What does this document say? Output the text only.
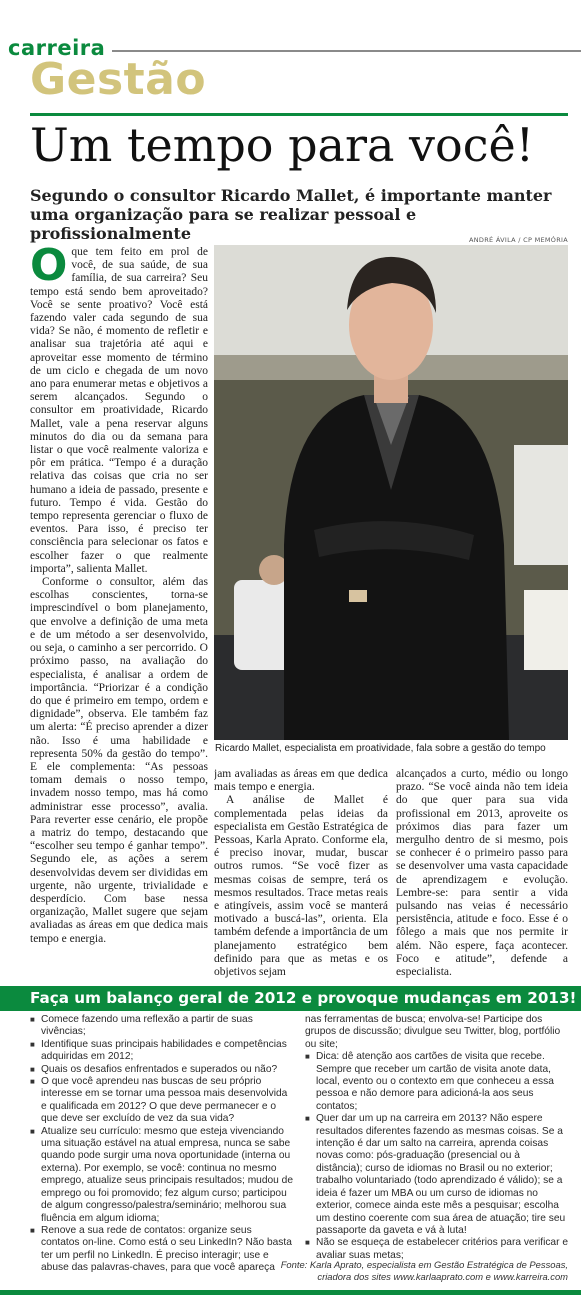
carreira
Gestão
Um tempo para você!
Segundo o consultor Ricardo Mallet, é importante manter uma organização para se realizar pessoal e profissionalmente	ANDRÉ ÁVILA / CP MEMÓRIA

O que tem feito em prol de você, de sua saúde, de sua família, de sua carreira? Seu tempo está sendo bem aproveitado? Você se sente proativo? Você está fazendo valer cada segundo de sua vida? Se não, é momento de refletir e analisar sua trajetória até aqui e aproveitar esse momento de término de um ciclo e chegada de um novo ano para enumerar metas e objetivos a serem alcançados. Segundo o consultor em proatividade, Ricardo Mallet, vale a pena reservar alguns minutos do dia ou da semana para listar o que você realmente valoriza e pôr em prática. “Tempo é a duração relativa das coisas que cria no ser humano a ideia de passado, presente e futuro. Tempo é vida. Gestão do tempo representa gerenciar o fluxo de eventos. Para isso, é preciso ter consciência para selecionar os fatos e escolher fazer o que realmente importa”, salienta Mallet.

Conforme o consultor, além das escolhas conscientes, torna-se imprescindível o bom planejamento, que envolve a definição de uma meta e de um método a ser desenvolvido, ou seja, o caminho a ser percorrido. O próximo passo, na avaliação do especialista, é analisar a ordem de importância. “Priorizar é a condição do que é primeiro em tempo, ordem e dignidade”, observa. Ele também faz um alerta: “É preciso aprender a dizer não. Isso é uma habilidade e representa 50% da gestão do tempo”. E ele complementa: “As pessoas tomam demais o nosso tempo, invadem nosso tempo, mas há como administrar esse processo”, avalia. Para reverter esse cenário, ele propõe a matriz do tempo, destacando que “escolher seu tempo é ganhar tempo”. Segundo ele, as ações a serem desenvolvidas devem ser divididas em urgente, não urgente, trivialidade e desperdício. Com base nessa organização, Mallet sugere que sejam avaliadas as áreas em que dedica mais tempo e energia.

Ricardo Mallet, especialista em proatividade, fala sobre a gestão do tempo

jam avaliadas as áreas em que dedica mais tempo e energia.

A análise de Mallet é complementada pelas ideias da especialista em Gestão Estratégica de Pessoas, Karla Aprato. Conforme ela, é preciso inovar, mudar, buscar outros rumos. “Se você fizer as mesmas coisas de sempre, terá os mesmos resultados. Trace metas reais e atingíveis, assim você se manterá motivado a buscá-las”, orienta. Ela também defende a importância de um planejamento estratégico bem definido para que as metas e os objetivos sejam

alcançados a curto, médio ou longo prazo. “Se você ainda não tem ideia do que quer para sua vida profissional em 2013, aproveite os próximos dias para fazer um mergulho dentro de si mesmo, pois se conhecer é o primeiro passo para se desenvolver uma vasta capacidade de aprendizagem e evolução. Lembre-se: para sentir a vida pulsando nas veias é necessário persistência, atitude e foco. Esse é o fôlego a mais que nos permite ir além. Não espere, faça acontecer. Foco e atitude”, defende a especialista.

Faça um balanço geral de 2012 e provoque mudanças em 2013!
■ Comece fazendo uma reflexão a partir de suas vivências;
■ Identifique suas principais habilidades e competências adquiridas em 2012;
■ Quais os desafios enfrentados e superados ou não?
■ O que você aprendeu nas buscas de seu próprio interesse em se tornar uma pessoa mais desenvolvida e qualificada em 2012? O que deve permanecer e o que deve ser excluído de vez da sua vida?
■ Atualize seu currículo: mesmo que esteja vivenciando uma situação estável na atual empresa, nunca se sabe quando pode surgir uma nova oportunidade (interna ou externa). Por exemplo, se você: continua no mesmo emprego, atualize seus principais resultados; mudou de emprego ou foi promovido; fez algum curso; participou de algum congresso/palestra/seminário; melhorou sua fluência em algum idioma;
■ Renove a sua rede de contatos: organize seus contatos on-line. Como está o seu LinkedIn? Não basta ter um perfil no LinkedIn. É preciso interagir; use e abuse das palavras-chaves, para que você apareça
nas ferramentas de busca; envolva-se! Participe dos grupos de discussão; divulgue seu Twitter, blog, portfólio ou site;
■ Dica: dê atenção aos cartões de visita que recebe. Sempre que receber um cartão de visita anote data, local, evento ou o contexto em que conheceu a essa pessoa e não demore para adicioná-la aos seus contatos;
■ Quer dar um up na carreira em 2013? Não espere resultados diferentes fazendo as mesmas coisas. Se a intenção é dar um salto na carreira, aprenda coisas novas como: pós-graduação (presencial ou à distância); curso de idiomas no Brasil ou no exterior; trabalho voluntariado (todo aprendizado é válido); se a ideia é fazer um MBA ou um curso de idiomas no exterior, comece ainda este mês a pesquisar; escolha um destino coerente com sua área de atuação; tire seu passaporte da gaveta e vá à luta!
■ Não se esqueça de estabelecer critérios para verificar e avaliar suas metas;
Fonte: Karla Aprato, especialista em Gestão Estratégica de Pessoas,
criadora dos sites www.karlaaprato.com e www.karreira.com
